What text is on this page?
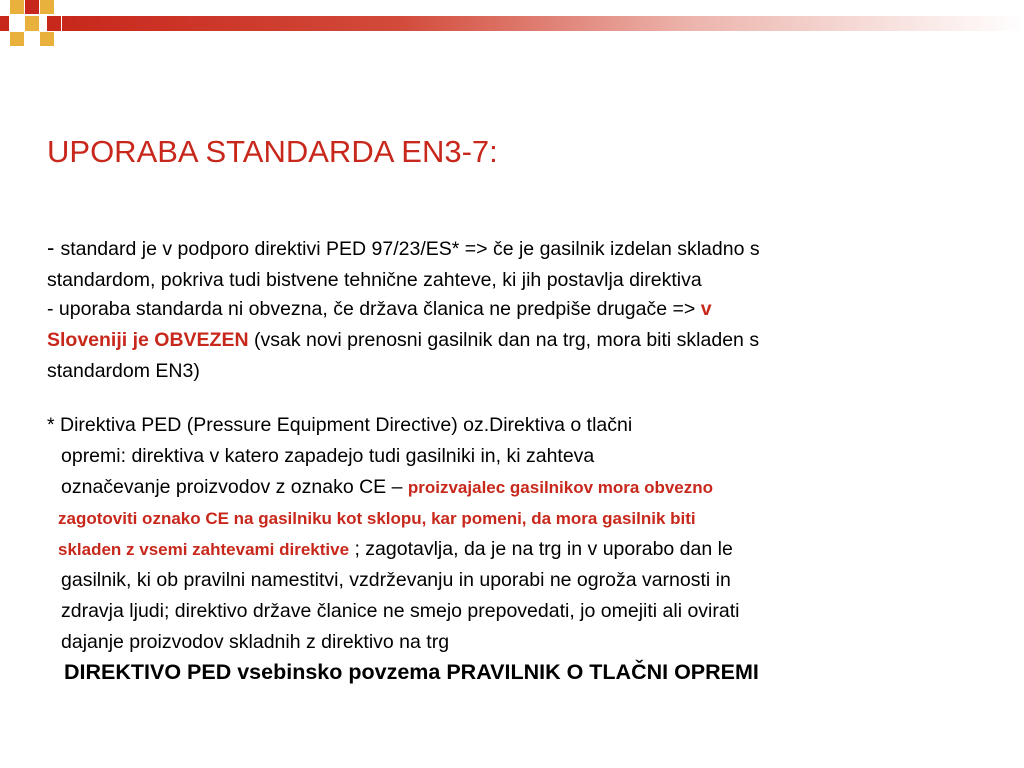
UPORABA STANDARDA EN3-7:
- standard je v podporo direktivi PED 97/23/ES* => če je gasilnik izdelan skladno s
standardom, pokriva tudi bistvene tehnične zahteve, ki jih postavlja direktiva
- uporaba standarda ni obvezna, če država članica ne predpiše drugače => v
Sloveniji je OBVEZEN (vsak novi prenosni gasilnik dan na trg, mora biti skladen s
standardom EN3)
* Direktiva PED (Pressure Equipment Directive) oz.Direktiva o tlačni
opremi: direktiva v katero zapadejo tudi gasilniki in, ki zahteva
označevanje proizvodov z oznako CE – proizvajalec gasilnikov mora obvezno
zagotoviti oznako CE na gasilniku kot sklopu, kar pomeni, da mora gasilnik biti
skladen z vsemi zahtevami direktive ; zagotavlja, da je na trg in v uporabo dan le
gasilnik, ki ob pravilni namestitvi, vzdrževanju in uporabi ne ogroža varnosti in
zdravja ljudi; direktivo države članice ne smejo prepovedati, jo omejiti ali ovirati
dajanje proizvodov skladnih z direktivo na trg
DIREKTIVO PED vsebinsko povzema PRAVILNIK O TLAČNI OPREMI
